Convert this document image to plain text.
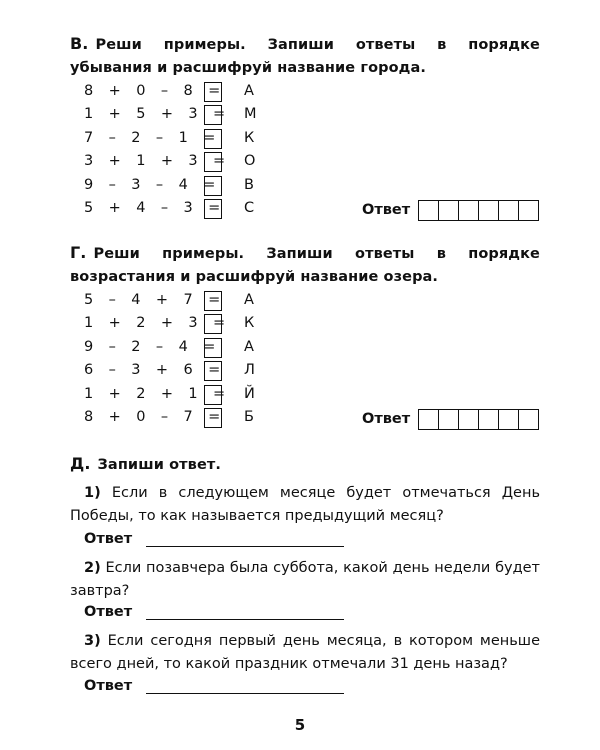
В. Реши примеры. Запиши ответы в порядке убывания и расшифруй название города.
8 + 0 – 8 = А
1 + 5 + 3 = М
7 – 2 – 1 = К
3 + 1 + 3 = О
9 – 3 – 4 = В
5 + 4 – 3 = С	Ответ
Г. Реши примеры. Запиши ответы в порядке возрастания и расшифруй название озера.
5 – 4 + 7 = А
1 + 2 + 3 = К
9 – 2 – 4 = А
6 – 3 + 6 = Л
1 + 2 + 1 = Й
8 + 0 – 7 = Б	Ответ
Д. Запиши ответ.
1) Если в следующем месяце будет отмечаться День Победы, то как называется предыдущий месяц?
Ответ
2) Если позавчера была суббота, какой день недели будет завтра?
Ответ
3) Если сегодня первый день месяца, в котором меньше всего дней, то какой праздник отмечали 31 день назад?
Ответ
5
